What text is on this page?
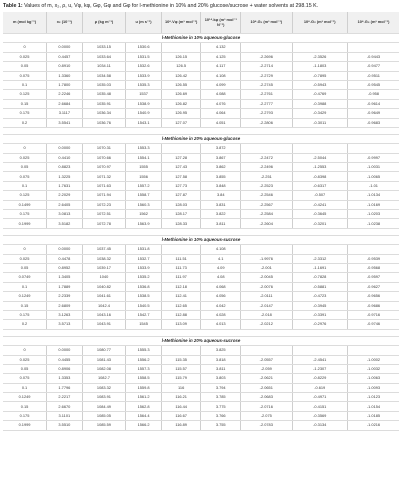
Table 1: Values of m, x₂, ρ, u, Vφ, kφ, Gφ, Gφ and Gφ for l-methionine in 10% and 20% glucose/sucrose + water solvents at 298.15 K.
m (mol kg⁻¹)	x₂ (10⁻³)	ρ (kg m⁻³)	u (m s⁻¹)	10⁶.Vφ (m³ mol⁻¹)	10¹⁴.kφ (m³ mol⁻¹ N⁻¹)	10⁶.G₁ (m³ mol⁻¹)	10⁶.G₂ (m³ mol⁻¹)	10⁶.G₃ (m³ mol⁻¹)
l-Methionine in 10% aqueous-glucose								
0	0.0000	1033.15	1530.6		4.132			
0.025	0.4457	1033.64	1531.5	126.15	4.125	-2.2696	-2.3526	-0.9443
0.05	0.8910	1034.11	1532.6	126.5	4.117	-2.2714	-1.1803	-0.9477
0.075	1.3360	1034.58	1533.9	126.42	4.108	-2.2729	-0.7895	-0.9511
0.1	1.7800	1035.03	1535.3	126.55	4.099	-2.2745	-0.5943	-0.9545
0.125	2.2246	1035.48	1537	126.69	4.088	-2.2761	-0.4769	-0.958
0.15	2.6684	1035.91	1538.9	126.82	4.076	-2.2777	-0.3988	-0.9614
0.175	3.1117	1036.34	1540.9	126.95	4.064	-2.2793	-0.3429	-0.9649
0.2	3.5541	1036.76	1543.1	127.07	4.051	-2.2806	-0.3011	-0.9683

l-Methionine in 20% aqueous-glucose								
0	0.0000	1070.31	1553.3		3.872			
0.025	0.4410	1070.66	1554.1	127.28	3.867	-2.2472	-2.5044	-0.9997
0.05	0.8823	1070.97	1555	127.43	3.862	-2.2496	-1.2553	-1.0031
0.075	1.3225	1071.32	1556	127.58	3.855	-2.251	-0.8398	-1.0065
0.1	1.7631	1071.63	1557.2	127.73	3.848	-2.2523	-0.6317	-1.01
0.125	2.2029	1071.94	1558.7	127.87	3.84	-2.2546	-0.507	-1.0134
0.1499	2.6405	1072.23	1560.3	128.03	3.831	-2.2567	-0.4241	-1.0169
0.175	3.0813	1072.51	1562	128.17	3.822	-2.2584	-0.3645	-1.0203
0.1999	3.5182	1072.78	1563.9	128.33	3.811	-2.2604	-0.3201	-1.0238

l-Methionine in 10% aqueous-sucrose								
0	0.0000	1037.45	1531.8		4.108			
0.025	0.4478	1038.32	1532.7	111.51	4.1	-1.9976	-2.3312	-0.9539
0.05	0.8952	1039.17	1533.9	111.73	4.09	-2.001	-1.1691	-0.9568
0.0749	1.3405	1040	1535.2	111.97	4.08	-2.0045	-0.7828	-0.9597
0.1	1.7889	1040.82	1536.8	112.18	4.068	-2.0076	-0.5881	-0.9627
0.1249	2.2339	1041.61	1538.5	112.41	4.056	-2.0111	-0.4723	-0.9656
0.15	2.6809	1042.4	1540.5	112.65	4.042	-2.0147	-0.3945	-0.9686
0.175	3.1263	1043.16	1542.7	112.88	4.028	-2.018	-0.3391	-0.9716
0.2	3.5713	1043.91	1545	113.09	4.013	-2.0212	-0.2976	-0.9746

l-Methionine in 20% aqueous-sucrose								
0	0.0000	1080.77	1555.3		3.825			
0.025	0.4455	1081.43	1556.2	115.35	3.818	-2.0557	-2.4541	-1.0002
0.05	0.8906	1082.08	1557.3	115.57	3.811	-2.059	-1.2307	-1.0032
0.075	1.3353	1082.7	1558.5	115.79	3.803	-2.0621	-0.8229	-1.0063
0.1	1.7796	1083.32	1559.8	116	3.794	-2.0651	-0.619	-1.0093
0.1249	2.2217	1083.91	1561.2	116.21	3.785	-2.0683	-0.4971	-1.0123
0.15	2.6670	1084.49	1562.8	116.44	3.775	-2.0716	-0.4151	-1.0154
0.175	3.1101	1085.05	1564.4	116.67	3.766	-2.075	-0.3569	-1.0185
0.1999	3.5510	1085.59	1566.2	116.89	3.755	-2.0783	-0.3134	-1.0216
